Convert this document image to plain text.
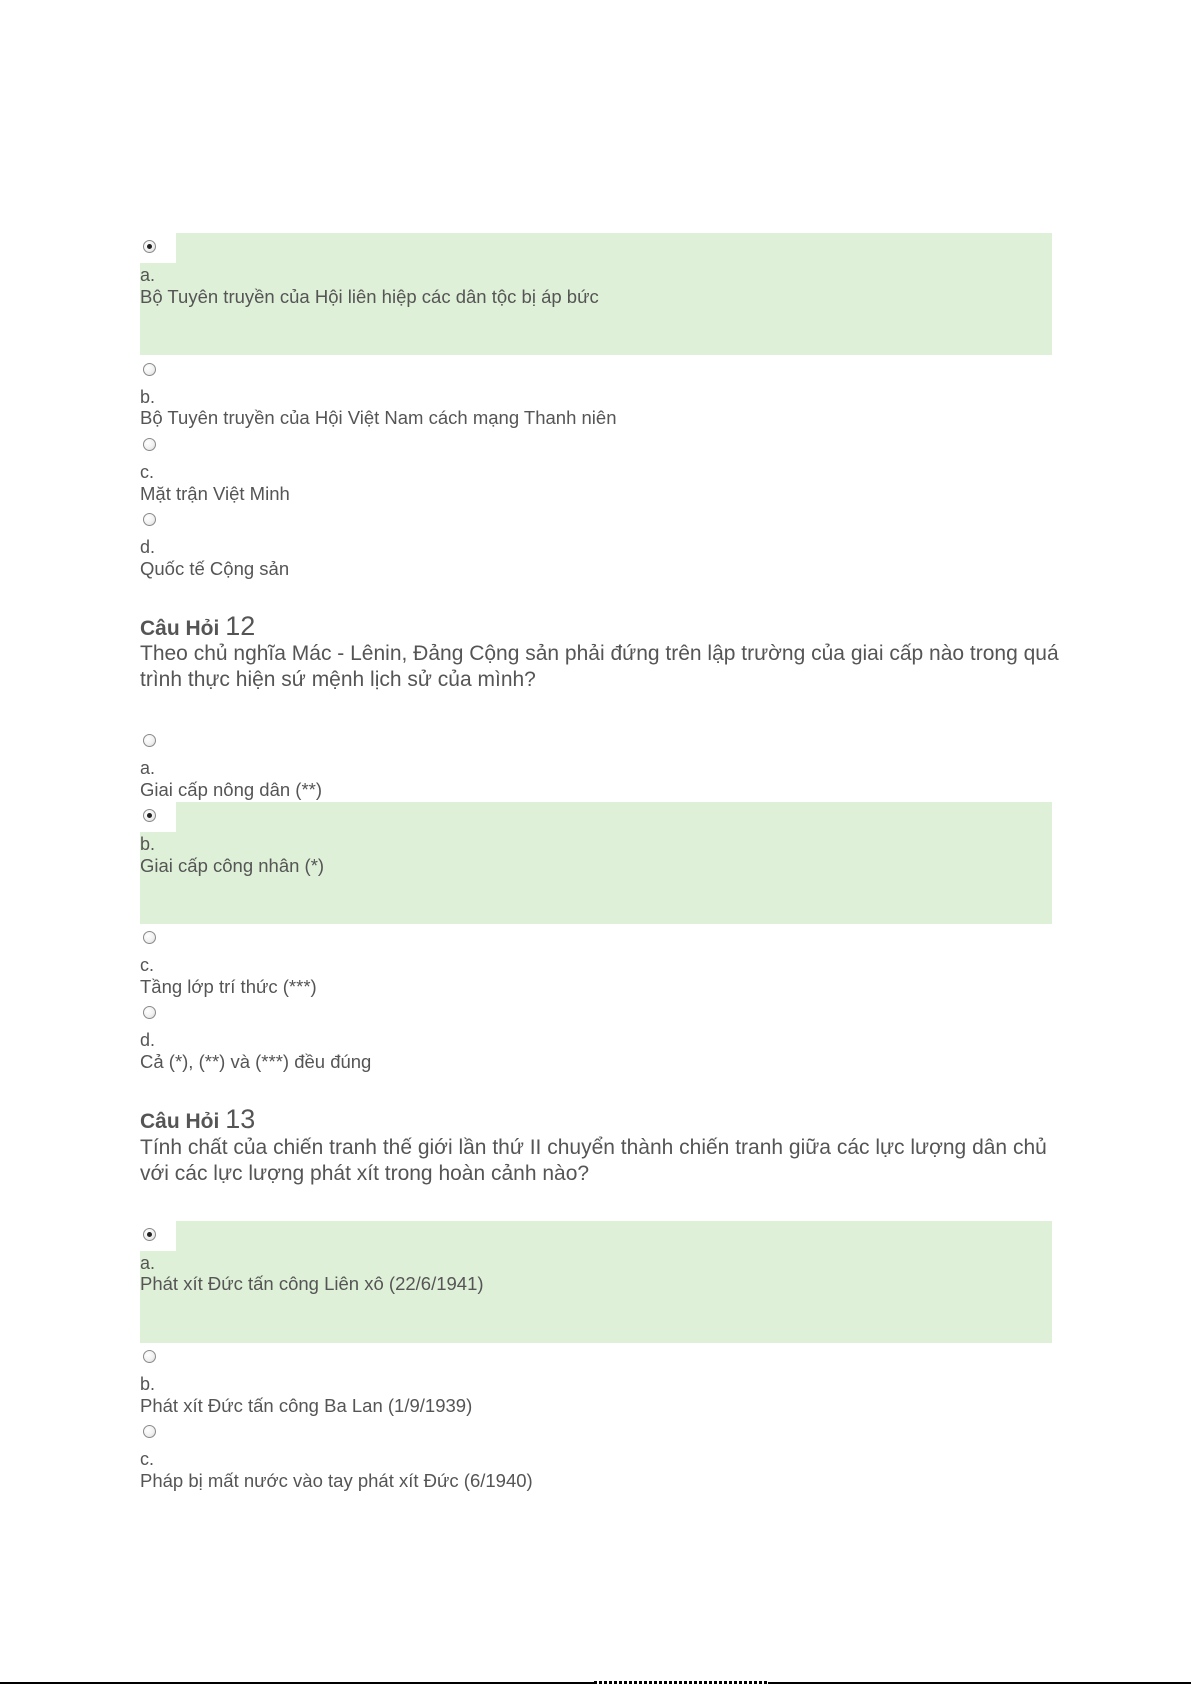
a.
Bộ Tuyên truyền của Hội liên hiệp các dân tộc bị áp bức
b.
Bộ Tuyên truyền của Hội Việt Nam cách mạng Thanh niên
c.
Mặt trận Việt Minh
d.
Quốc tế Cộng sản
Câu Hỏi 12
Theo chủ nghĩa Mác - Lênin, Đảng Cộng sản phải đứng trên lập trường của giai cấp nào trong quá trình thực hiện sứ mệnh lịch sử của mình?
a.
Giai cấp nông dân (**)
b.
Giai cấp công nhân (*)
c.
Tầng lớp trí thức (***)
d.
Cả (*), (**) và (***) đều đúng
Câu Hỏi 13
Tính chất của chiến tranh thế giới lần thứ II chuyển thành chiến tranh giữa các lực lượng dân chủ với các lực lượng phát xít trong hoàn cảnh nào?
a.
Phát xít Đức tấn công Liên xô (22/6/1941)
b.
Phát xít Đức tấn công Ba Lan (1/9/1939)
c.
Pháp bị mất nước vào tay phát xít Đức (6/1940)
